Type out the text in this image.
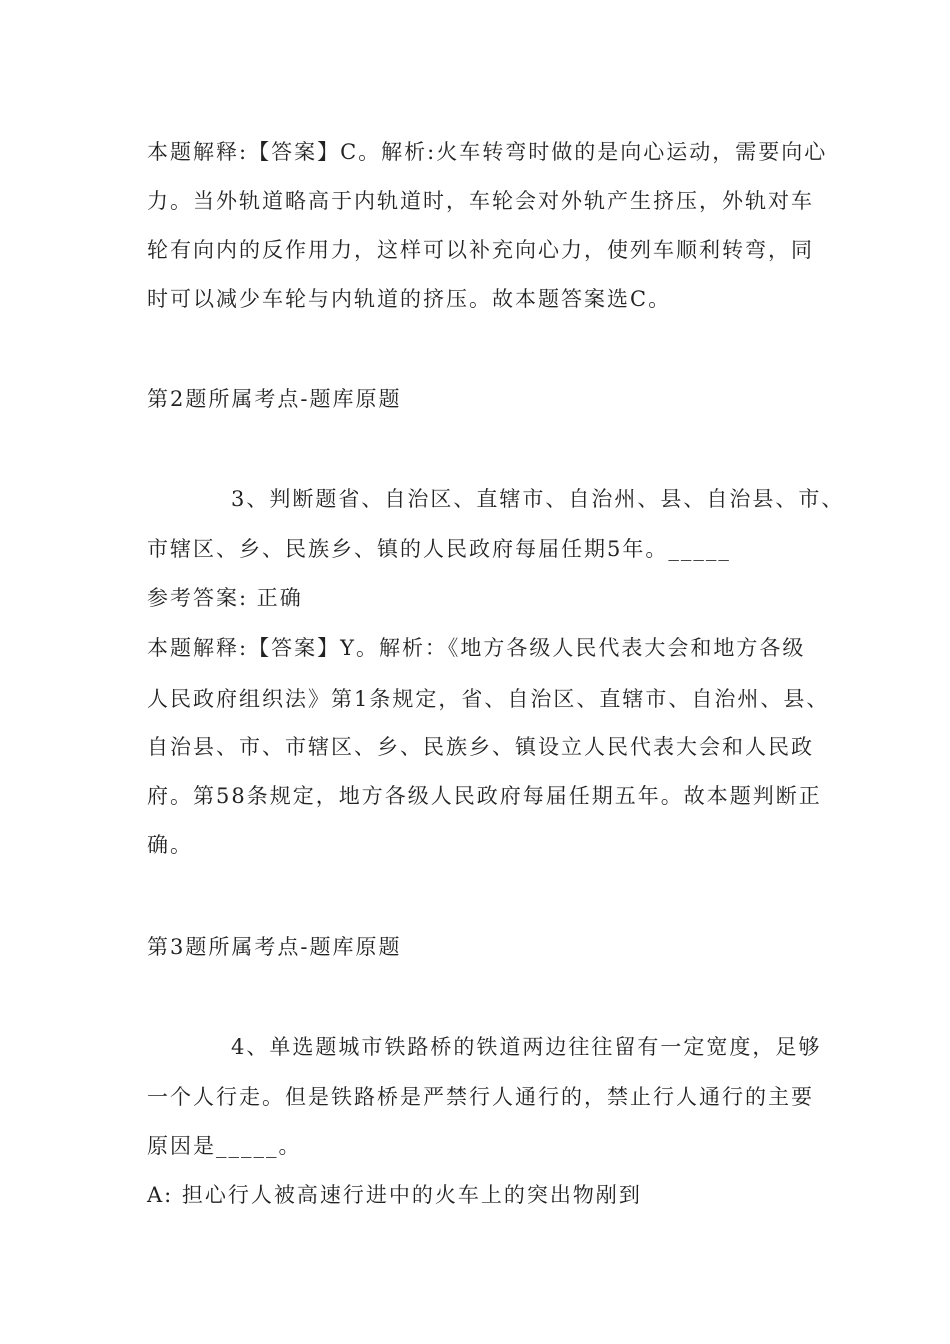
本题解释:【答案】C。解析:火车转弯时做的是向心运动，需要向心
力。当外轨道略高于内轨道时，车轮会对外轨产生挤压，外轨对车
轮有向内的反作用力，这样可以补充向心力，使列车顺利转弯，同
时可以减少车轮与内轨道的挤压。故本题答案选C。
第2题所属考点-题库原题
3、判断题省、自治区、直辖市、自治州、县、自治县、市、
市辖区、乡、民族乡、镇的人民政府每届任期5年。_____
参考答案: 正确
本题解释:【答案】Y。解析：《地方各级人民代表大会和地方各级
人民政府组织法》第1条规定，省、自治区、直辖市、自治州、县、
自治县、市、市辖区、乡、民族乡、镇设立人民代表大会和人民政
府。第58条规定，地方各级人民政府每届任期五年。故本题判断正
确。
第3题所属考点-题库原题
4、单选题城市铁路桥的铁道两边往往留有一定宽度，足够
一个人行走。但是铁路桥是严禁行人通行的，禁止行人通行的主要
原因是_____。
A: 担心行人被高速行进中的火车上的突出物剐到
